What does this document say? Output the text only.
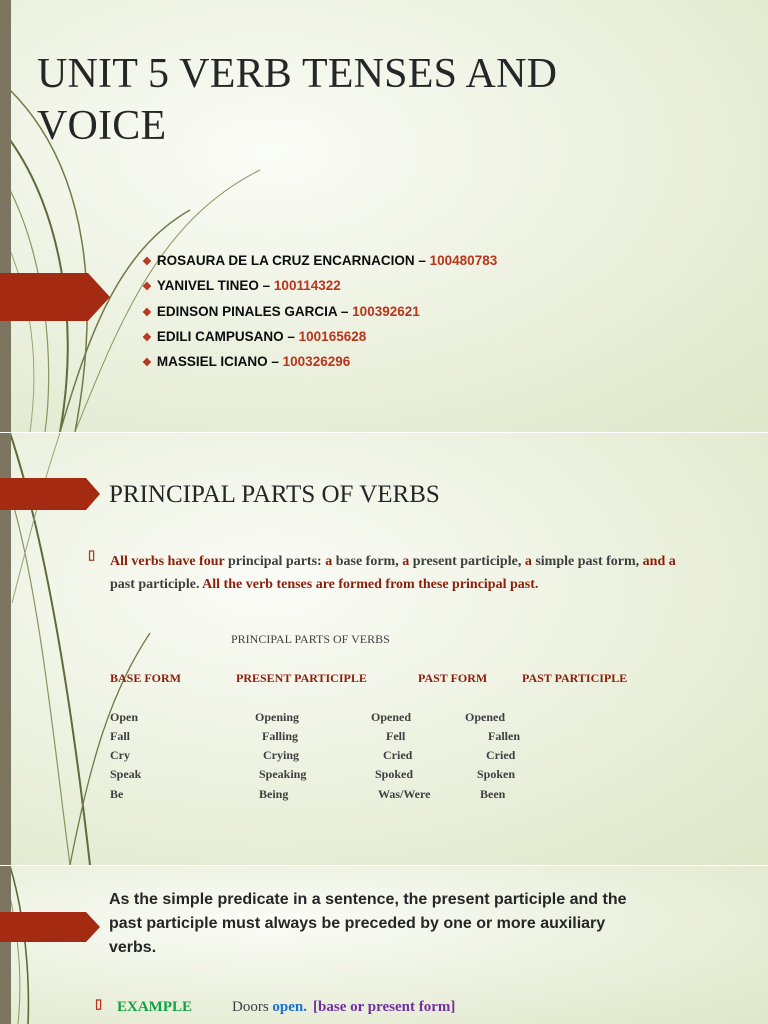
UNIT 5 VERB TENSES AND
VOICE
❖ ROSAURA DE LA CRUZ ENCARNACION – 100480783
❖ YANIVEL TINEO – 100114322
❖ EDINSON PINALES GARCIA – 100392621
❖ EDILI CAMPUSANO – 100165628
❖ MASSIEL ICIANO – 100326296
PRINCIPAL PARTS OF VERBS
▯ All verbs have four principal parts: a base form, a present participle, a simple past form, and a past participle. All the verb tenses are formed from these principal past.
PRINCIPAL PARTS OF VERBS
BASE FORM	PRESENT PARTICIPLE	PAST FORM	PAST PARTICIPLE
Open	Opening	Opened	Opened
Fall	Falling	Fell	Fallen
Cry	Crying	Cried	Cried
Speak	Speaking	Spoked	Spoken
Be	Being	Was/Were	Been

As the simple predicate in a sentence, the present participle and the past participle must always be preceded by one or more auxiliary verbs.

▯ EXAMPLE	Doors open. [base or present form]
